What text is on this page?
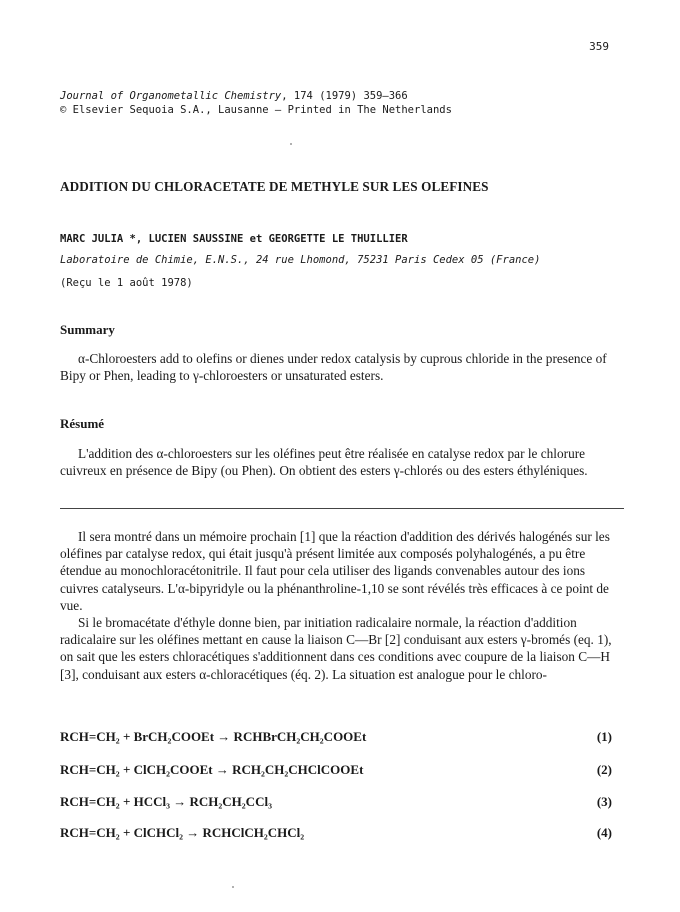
359
Journal of Organometallic Chemistry, 174 (1979) 359—366
© Elsevier Sequoia S.A., Lausanne — Printed in The Netherlands
ADDITION DU CHLORACETATE DE METHYLE SUR LES OLEFINES
MARC JULIA *, LUCIEN SAUSSINE et GEORGETTE LE THUILLIER
Laboratoire de Chimie, E.N.S., 24 rue Lhomond, 75231 Paris Cedex 05 (France)
(Reçu le 1 août 1978)
Summary

α-Chloroesters add to olefins or dienes under redox catalysis by cuprous chloride in the presence of Bipy or Phen, leading to γ-chloroesters or unsaturated esters.

Résumé

L'addition des α-chloroesters sur les oléfines peut être réalisée en catalyse redox par le chlorure cuivreux en présence de Bipy (ou Phen). On obtient des esters γ-chlorés ou des esters éthyléniques.

Il sera montré dans un mémoire prochain [1] que la réaction d'addition des dérivés halogénés sur les oléfines par catalyse redox, qui était jusqu'à présent limitée aux composés polyhalogénés, a pu être étendue au monochloracétonitrile. Il faut pour cela utiliser des ligands convenables autour des ions cuivres catalyseurs. L'α-bipyridyle ou la phénanthroline-1,10 se sont révélés très efficaces à ce point de vue.

Si le bromacétate d'éthyle donne bien, par initiation radicalaire normale, la réaction d'addition radicalaire sur les oléfines mettant en cause la liaison C—Br [2] conduisant aux esters γ-bromés (eq. 1), on sait que les esters chloracétiques s'additionnent dans ces conditions avec coupure de la liaison C—H [3], conduisant aux esters α-chloracétiques (éq. 2). La situation est analogue pour le chloro-

RCH=CH₂ + BrCH₂COOEt → RCHBrCH₂CH₂COOEt	(1)
RCH=CH₂ + ClCH₂COOEt → RCH₂CH₂CHClCOOEt	(2)
RCH=CH₂ + HCCl₃ → RCH₂CH₂CCl₃	(3)
RCH=CH₂ + ClCHCl₂ → RCHClCH₂CHCl₂	(4)
